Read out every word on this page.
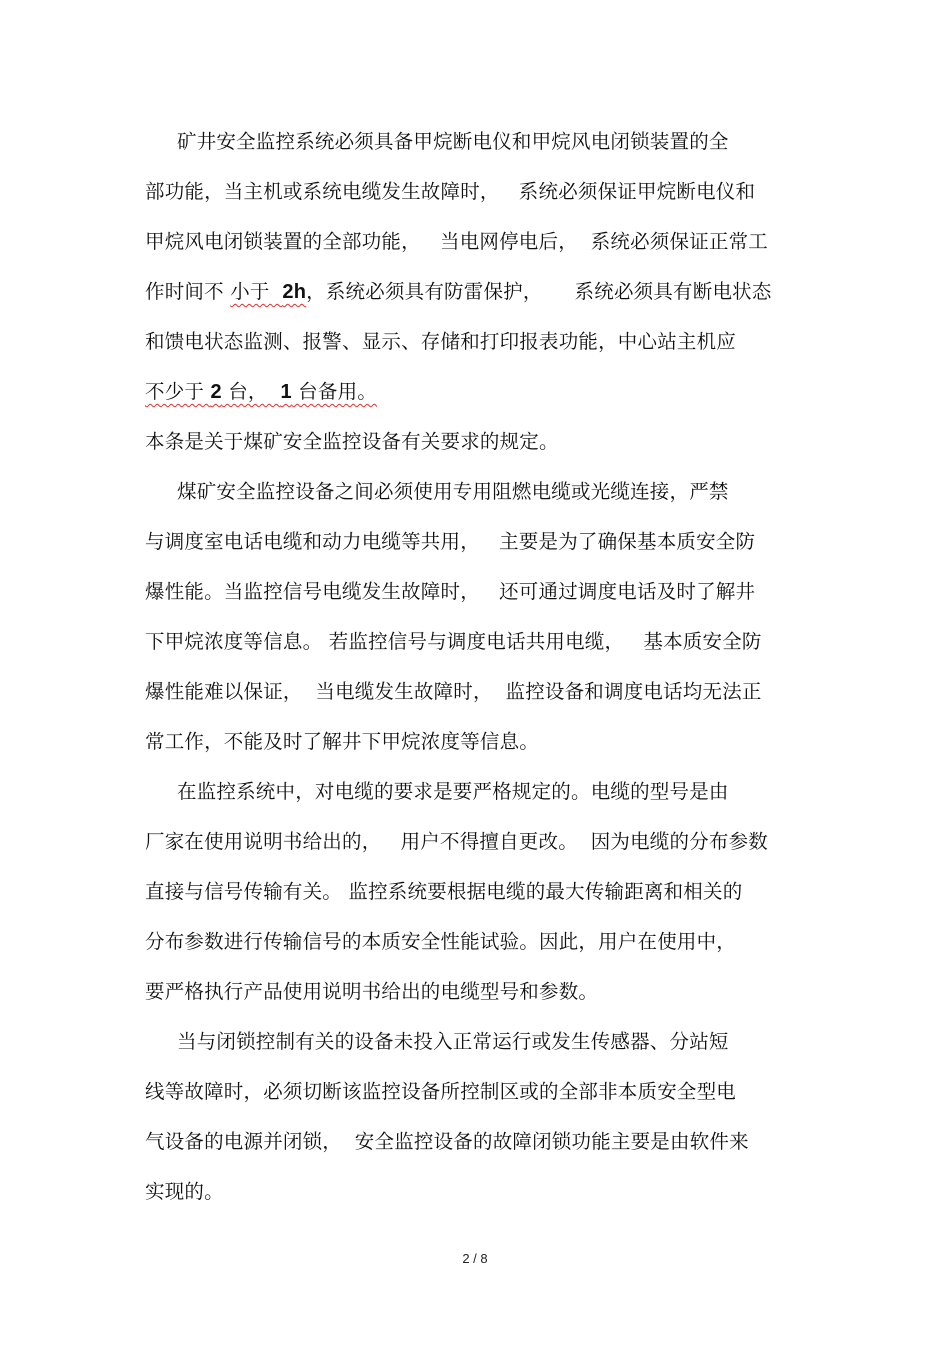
矿井安全监控系统必须具备甲烷断电仪和甲烷风电闭锁装置的全
部功能，当主机或系统电缆发生故障时，   系统必须保证甲烷断电仪和
甲烷风电闭锁装置的全部功能，   当电网停电后，  系统必须保证正常工
作时间不 小于  2h，系统必须具有防雷保护，     系统必须具有断电状态
和馈电状态监测、报警、显示、存储和打印报表功能，中心站主机应
不少于 2 台，  1 台备用。
本条是关于煤矿安全监控设备有关要求的规定。
煤矿安全监控设备之间必须使用专用阻燃电缆或光缆连接，严禁
与调度室电话电缆和动力电缆等共用，   主要是为了确保基本质安全防
爆性能。当监控信号电缆发生故障时，   还可通过调度电话及时了解井
下甲烷浓度等信息。 若监控信号与调度电话共用电缆，   基本质安全防
爆性能难以保证，  当电缆发生故障时，  监控设备和调度电话均无法正
常工作，不能及时了解井下甲烷浓度等信息。
在监控系统中，对电缆的要求是要严格规定的。电缆的型号是由
厂家在使用说明书给出的，   用户不得擅自更改。  因为电缆的分布参数
直接与信号传输有关。 监控系统要根据电缆的最大传输距离和相关的
分布参数进行传输信号的本质安全性能试验。因此，用户在使用中，
要严格执行产品使用说明书给出的电缆型号和参数。
当与闭锁控制有关的设备未投入正常运行或发生传感器、分站短
线等故障时，必须切断该监控设备所控制区或的全部非本质安全型电
气设备的电源并闭锁，  安全监控设备的故障闭锁功能主要是由软件来
实现的。
2 / 8
